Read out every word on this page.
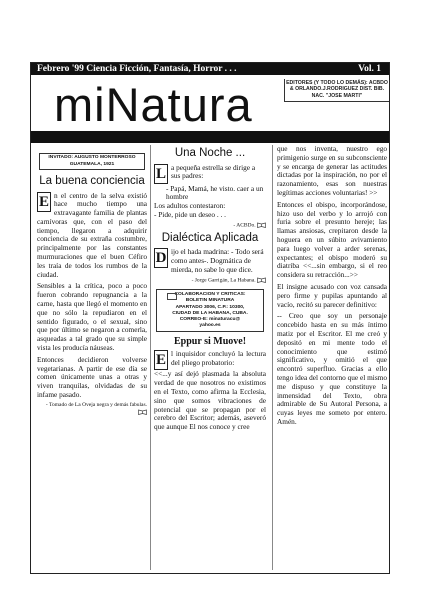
Febrero '99 Ciencia Ficción, Fantasía, Horror . . .	Vol. 1
miNatura	EDITORES (Y TODO LO DEMÁS): ACBDO & ORLANDO.J.RODRIGUEZ DIST. BIB. NAC. "JOSE MARTI"
INVITADO: AUGUSTO MONTERROSO GUATEMALA, 1921
La buena conciencia

E n el centro de la selva existió hace mucho tiempo una extravagante familia de plantas carnívoras que, con el paso del tiempo, llegaron a adquirir conciencia de su extraña costumbre, principalmente por las constantes murmuraciones que el buen Céfiro les traía de todos los rumbos de la ciudad.

Sensibles a la crítica, poco a poco fueron cobrando repugnancia a la carne, hasta que llegó el momento en que no sólo la repudiaron en el sentido figurado, o el sexual, sino que por último se negaron a comerla, asqueadas a tal grado que su simple vista les producía náuseas.

Entonces decidieron volverse vegetarianas. A partir de ese día se comen únicamente unas a otras y viven tranquilas, olvidadas de su infame pasado.

- Tomado de La Oveja negra y demás fabulas.
Una Noche ...

L a pequeña estrella se dirige a sus padres:

- Papá, Mamá, he visto. caer a un hombre

Los adultos contestaron:

- Pide, pide un deseo . . .

- ACBDo.
Dialéctica Aplicada

D ijo el hada madrina: - Todo será como antes-. Dogmática de mierda, no sabe lo que dice.

- Jorge Garrigán, La Habana.
COLABORACION Y CRITICAS:
BOLETIN MINATURA
APARTADO 3006, C.P.: 10300,
CIUDAD DE LA HABANA, CUBA.
CORREO-E: minaturacu@
yahoo.es
Eppur si Muove!

E l inquisidor concluyó la lectura del pliego probatorio:

<<...y así dejó plasmada la absoluta verdad de que nosotros no existimos en el Texto, como afirma la Ecclesia, sino que somos vibraciones de potencial que se propagan por el cerebro del Escritor; además, aseveró que aunque El nos conoce y cree

que nos inventa, nuestro ego primigenio surge en su subconsciente y se encarga de generar las actitudes dictadas por la inspiración, no por el razonamiento, esas son nuestras legítimas acciones voluntarias! >>

Entonces el obispo, incorporándose, hizo uso del verbo y lo arrojó con furia sobre el presunto hereje; las llamas ansiosas, crepitaron desde la hoguera en un súbito avivamiento para luego volver a arder serenas, expectantes; el obispo moderó su diatriba <<...sin embargo, si el reo considera su retracción...>>

El insigne acusado con voz cansada pero firme y pupilas apuntando al vacío, recitó su parecer definitivo:

-- Creo que soy un personaje concebido hasta en su más íntimo matiz por el Escritor. El me creó y depositó en mi mente todo el conocimiento que estimó significativo, y omitió el que encontró superfluo. Gracias a ello tengo idea del contorno que el mismo me dispuso y que constituye la inmensidad del Texto, obra admirable de Su Autoral Persona, a cuyas leyes me someto por entero. Amén.
